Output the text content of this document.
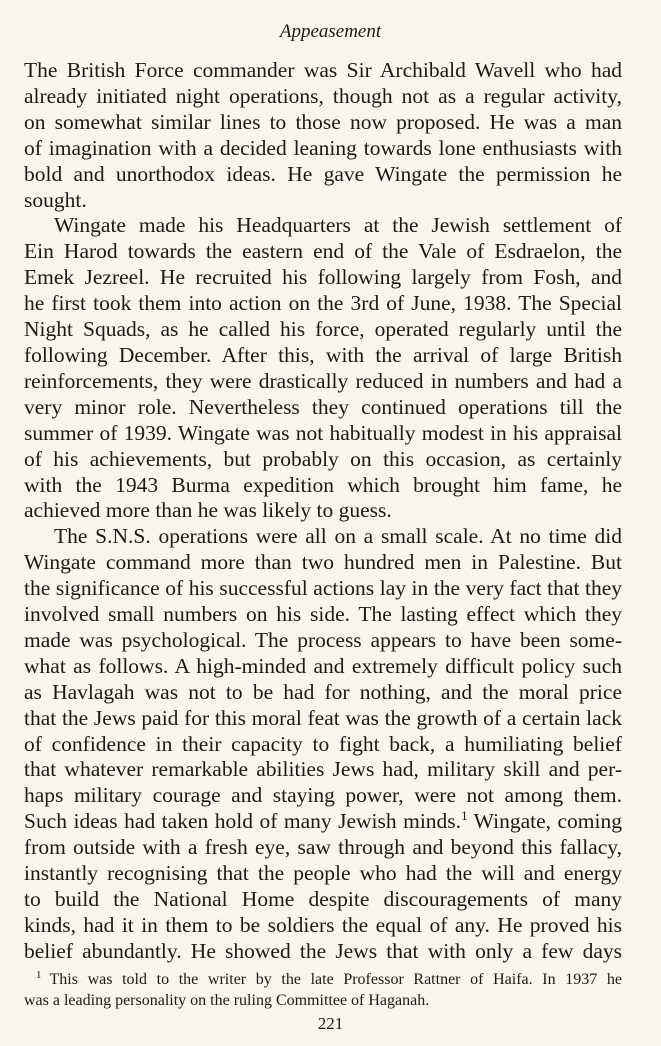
Appeasement
The British Force commander was Sir Archibald Wavell who had
already initiated night operations, though not as a regular activity,
on somewhat similar lines to those now proposed. He was a man
of imagination with a decided leaning towards lone enthusiasts with
bold and unorthodox ideas. He gave Wingate the permission he
sought.
Wingate made his Headquarters at the Jewish settlement of
Ein Harod towards the eastern end of the Vale of Esdraelon, the
Emek Jezreel. He recruited his following largely from Fosh, and
he first took them into action on the 3rd of June, 1938. The Special
Night Squads, as he called his force, operated regularly until the
following December. After this, with the arrival of large British
reinforcements, they were drastically reduced in numbers and had a
very minor role. Nevertheless they continued operations till the
summer of 1939. Wingate was not habitually modest in his appraisal
of his achievements, but probably on this occasion, as certainly
with the 1943 Burma expedition which brought him fame, he
achieved more than he was likely to guess.
The S.N.S. operations were all on a small scale. At no time did
Wingate command more than two hundred men in Palestine. But
the significance of his successful actions lay in the very fact that they
involved small numbers on his side. The lasting effect which they
made was psychological. The process appears to have been some-
what as follows. A high-minded and extremely difficult policy such
as Havlagah was not to be had for nothing, and the moral price
that the Jews paid for this moral feat was the growth of a certain lack
of confidence in their capacity to fight back, a humiliating belief
that whatever remarkable abilities Jews had, military skill and per-
haps military courage and staying power, were not among them.
Such ideas had taken hold of many Jewish minds.$^1$ Wingate, coming
from outside with a fresh eye, saw through and beyond this fallacy,
instantly recognising that the people who had the will and energy
to build the National Home despite discouragements of many
kinds, had it in them to be soldiers the equal of any. He proved his
belief abundantly. He showed the Jews that with only a few days
$^1$ This was told to the writer by the late Professor Rattner of Haifa. In 1937 he
was a leading personality on the ruling Committee of Haganah.
221
